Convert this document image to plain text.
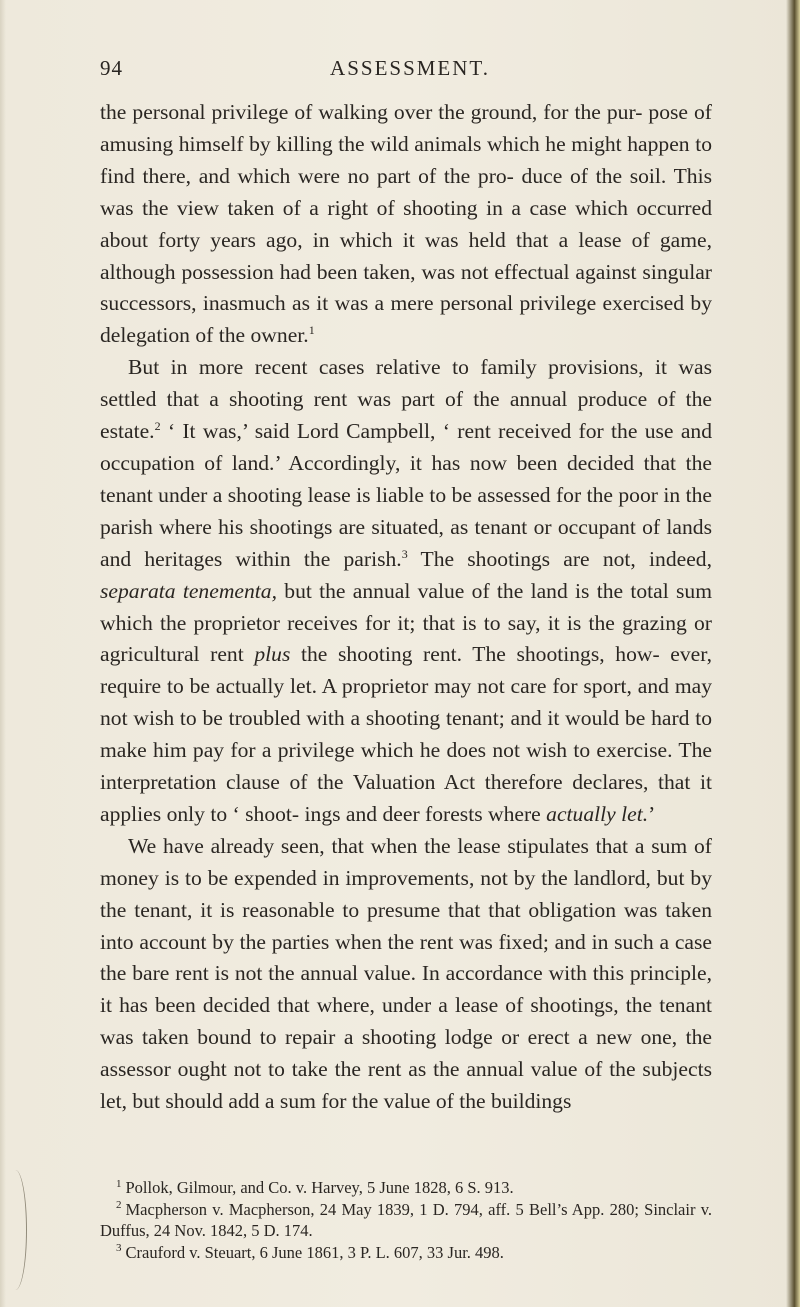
94	ASSESSMENT.

the personal privilege of walking over the ground, for the pur- pose of amusing himself by killing the wild animals which he might happen to find there, and which were no part of the pro- duce of the soil. This was the view taken of a right of shooting in a case which occurred about forty years ago, in which it was held that a lease of game, although possession had been taken, was not effectual against singular successors, inasmuch as it was a mere personal privilege exercised by delegation of the owner.$^1$

But in more recent cases relative to family provisions, it was settled that a shooting rent was part of the annual produce of the estate.$^2$ ‘ It was,’ said Lord Campbell, ‘ rent received for the use and occupation of land.’ Accordingly, it has now been decided that the tenant under a shooting lease is liable to be assessed for the poor in the parish where his shootings are situated, as tenant or occupant of lands and heritages within the parish.$^3$ The shootings are not, indeed, separata tenementa, but the annual value of the land is the total sum which the proprietor receives for it; that is to say, it is the grazing or agricultural rent plus the shooting rent. The shootings, how- ever, require to be actually let. A proprietor may not care for sport, and may not wish to be troubled with a shooting tenant; and it would be hard to make him pay for a privilege which he does not wish to exercise. The interpretation clause of the Valuation Act therefore declares, that it applies only to ‘ shoot- ings and deer forests where actually let.’

We have already seen, that when the lease stipulates that a sum of money is to be expended in improvements, not by the landlord, but by the tenant, it is reasonable to presume that that obligation was taken into account by the parties when the rent was fixed; and in such a case the bare rent is not the annual value. In accordance with this principle, it has been decided that where, under a lease of shootings, the tenant was taken bound to repair a shooting lodge or erect a new one, the assessor ought not to take the rent as the annual value of the subjects let, but should add a sum for the value of the buildings

$^1$ Pollok, Gilmour, and Co. v. Harvey, 5 June 1828, 6 S. 913.

$^2$ Macpherson v. Macpherson, 24 May 1839, 1 D. 794, aff. 5 Bell’s App. 280; Sinclair v. Duffus, 24 Nov. 1842, 5 D. 174.

$^3$ Crauford v. Steuart, 6 June 1861, 3 P. L. 607, 33 Jur. 498.
